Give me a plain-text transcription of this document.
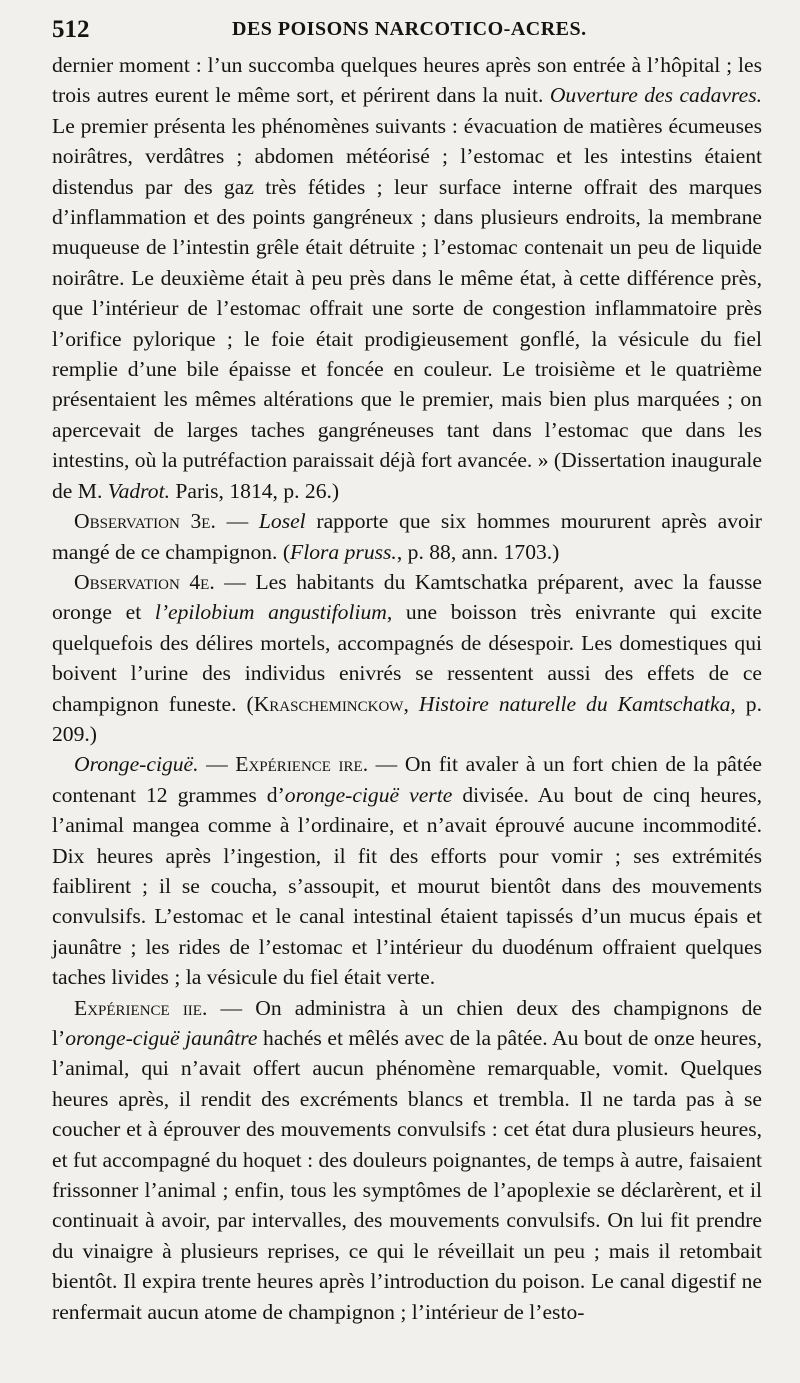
512	DES POISONS NARCOTICO-ACRES.

dernier moment : l’un succomba quelques heures après son entrée à l’hôpital ; les trois autres eurent le même sort, et périrent dans la nuit. Ouverture des cadavres. Le premier présenta les phénomènes suivants : évacuation de matières écumeuses noirâtres, verdâtres ; abdomen météorisé ; l’estomac et les intestins étaient distendus par des gaz très fétides ; leur surface interne offrait des marques d’inflammation et des points gangréneux ; dans plusieurs endroits, la membrane muqueuse de l’intestin grêle était détruite ; l’estomac contenait un peu de liquide noirâtre. Le deuxième était à peu près dans le même état, à cette différence près, que l’intérieur de l’estomac offrait une sorte de congestion inflammatoire près l’orifice pylorique ; le foie était prodigieusement gonflé, la vésicule du fiel remplie d’une bile épaisse et foncée en couleur. Le troisième et le quatrième présentaient les mêmes altérations que le premier, mais bien plus marquées ; on apercevait de larges taches gangréneuses tant dans l’estomac que dans les intestins, où la putréfaction paraissait déjà fort avancée. » (Dissertation inaugurale de M. Vadrot. Paris, 1814, p. 26.)

Observation 3e. — Losel rapporte que six hommes moururent après avoir mangé de ce champignon. (Flora pruss., p. 88, ann. 1703.)

Observation 4e. — Les habitants du Kamtschatka préparent, avec la fausse oronge et l’epilobium angustifolium, une boisson très enivrante qui excite quelquefois des délires mortels, accompagnés de désespoir. Les domestiques qui boivent l’urine des individus enivrés se ressentent aussi des effets de ce champignon funeste. (Krascheminckow, Histoire naturelle du Kamtschatka, p. 209.)

Oronge-ciguë. — Expérience ire. — On fit avaler à un fort chien de la pâtée contenant 12 grammes d’oronge-ciguë verte divisée. Au bout de cinq heures, l’animal mangea comme à l’ordinaire, et n’avait éprouvé aucune incommodité. Dix heures après l’ingestion, il fit des efforts pour vomir ; ses extrémités faiblirent ; il se coucha, s’assoupit, et mourut bientôt dans des mouvements convulsifs. L’estomac et le canal intestinal étaient tapissés d’un mucus épais et jaunâtre ; les rides de l’estomac et l’intérieur du duodénum offraient quelques taches livides ; la vésicule du fiel était verte.

Expérience iie. — On administra à un chien deux des champignons de l’oronge-ciguë jaunâtre hachés et mêlés avec de la pâtée. Au bout de onze heures, l’animal, qui n’avait offert aucun phénomène remarquable, vomit. Quelques heures après, il rendit des excréments blancs et trembla. Il ne tarda pas à se coucher et à éprouver des mouvements convulsifs : cet état dura plusieurs heures, et fut accompagné du hoquet : des douleurs poignantes, de temps à autre, faisaient frissonner l’animal ; enfin, tous les symptômes de l’apoplexie se déclarèrent, et il continuait à avoir, par intervalles, des mouvements convulsifs. On lui fit prendre du vinaigre à plusieurs reprises, ce qui le réveillait un peu ; mais il retombait bientôt. Il expira trente heures après l’introduction du poison. Le canal digestif ne renfermait aucun atome de champignon ; l’intérieur de l’esto-
